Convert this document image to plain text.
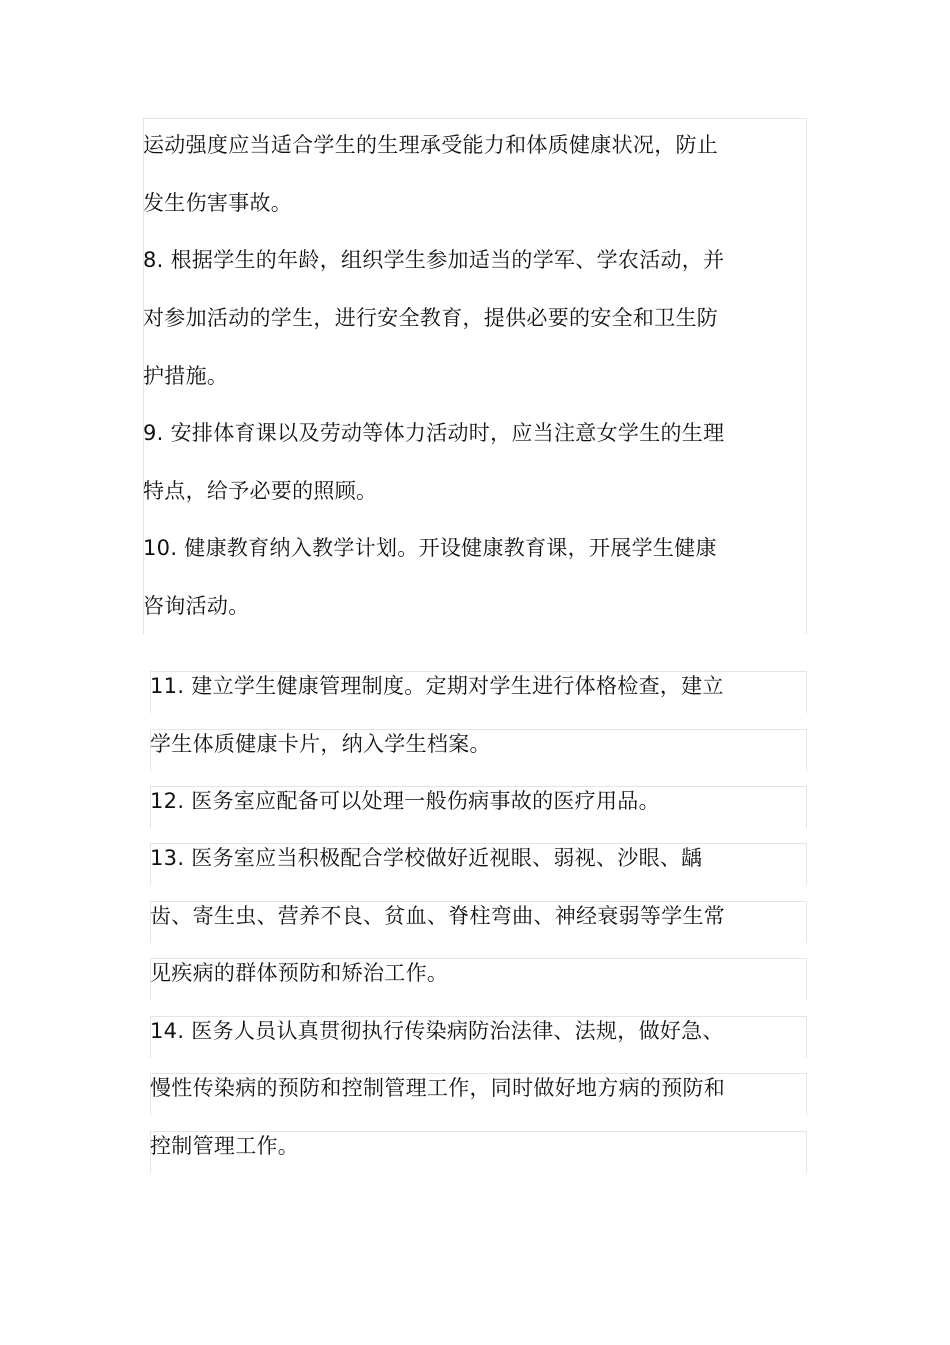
运动强度应当适合学生的生理承受能力和体质健康状况，防止
发生伤害事故。
8. 根据学生的年龄，组织学生参加适当的学军、学农活动，并
对参加活动的学生，进行安全教育，提供必要的安全和卫生防
护措施。
9. 安排体育课以及劳动等体力活动时，应当注意女学生的生理
特点，给予必要的照顾。
10. 健康教育纳入教学计划。开设健康教育课，开展学生健康
咨询活动。
11. 建立学生健康管理制度。定期对学生进行体格检查，建立
学生体质健康卡片，纳入学生档案。
12. 医务室应配备可以处理一般伤病事故的医疗用品。
13. 医务室应当积极配合学校做好近视眼、弱视、沙眼、龋
齿、寄生虫、营养不良、贫血、脊柱弯曲、神经衰弱等学生常
见疾病的群体预防和矫治工作。
14. 医务人员认真贯彻执行传染病防治法律、法规，做好急、
慢性传染病的预防和控制管理工作，同时做好地方病的预防和
控制管理工作。
